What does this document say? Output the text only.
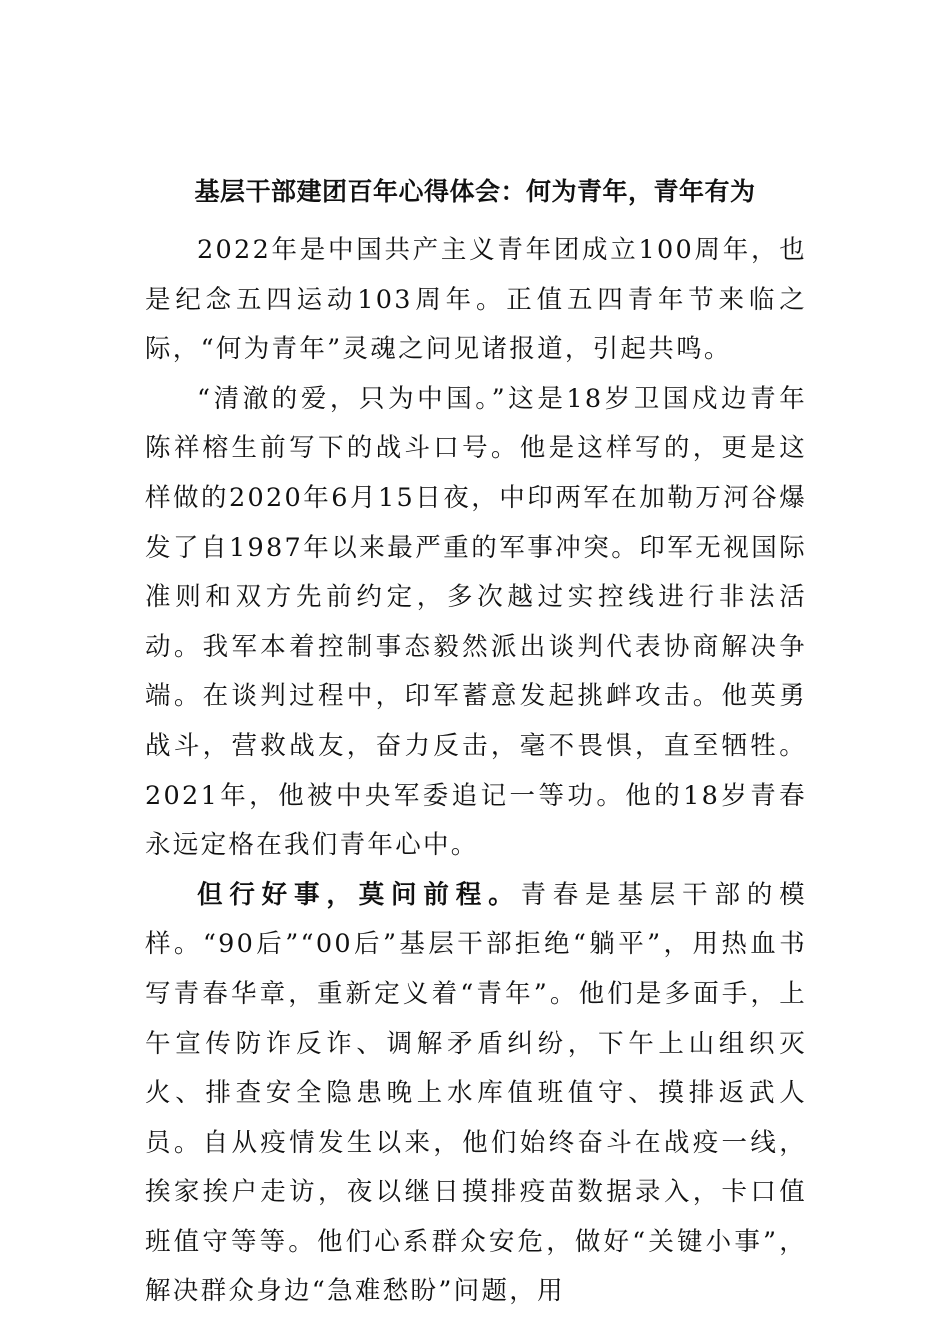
基层干部建团百年心得体会：何为青年，青年有为

2022年是中国共产主义青年团成立100周年，也是纪念五四运动103周年。正值五四青年节来临之际，“何为青年”灵魂之问见诸报道，引起共鸣。

“清澈的爱，只为中国。”这是18岁卫国戍边青年陈祥榕生前写下的战斗口号。他是这样写的，更是这样做的2020年6月15日夜，中印两军在加勒万河谷爆发了自1987年以来最严重的军事冲突。印军无视国际准则和双方先前约定，多次越过实控线进行非法活动。我军本着控制事态毅然派出谈判代表协商解决争端。在谈判过程中，印军蓄意发起挑衅攻击。他英勇战斗，营救战友，奋力反击，毫不畏惧，直至牺牲。2021年，他被中央军委追记一等功。他的18岁青春永远定格在我们青年心中。

但行好事，莫问前程。青春是基层干部的模样。“90后”“00后”基层干部拒绝“躺平”，用热血书写青春华章，重新定义着“青年”。他们是多面手，上午宣传防诈反诈、调解矛盾纠纷，下午上山组织灭火、排查安全隐患晚上水库值班值守、摸排返武人员。自从疫情发生以来，他们始终奋斗在战疫一线，挨家挨户走访，夜以继日摸排疫苗数据录入，卡口值班值守等等。他们心系群众安危，做好“关键小事”，解决群众身边“急难愁盼”问题，用
